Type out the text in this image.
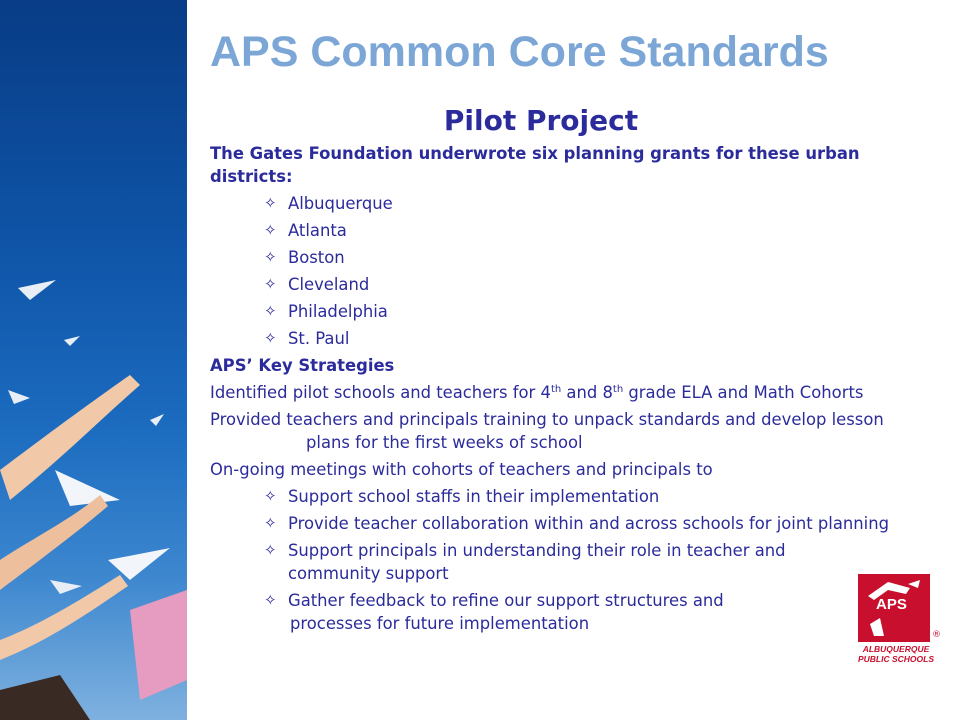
APS Common Core Standards
Pilot Project

The Gates Foundation underwrote six planning grants for these urban districts:

✧ Albuquerque

✧ Atlanta

✧ Boston

✧ Cleveland

✧ Philadelphia

✧ St. Paul

APS’ Key Strategies

Identified pilot schools and teachers for 4th and 8th grade ELA and Math Cohorts

Provided teachers and principals training to unpack standards and develop lesson plans for the first weeks of school

On-going meetings with cohorts of teachers and principals to

✧ Support school staffs in their implementation

✧ Provide teacher collaboration within and across schools for joint planning

✧ Support principals in understanding their role in teacher and community support

✧ Gather feedback to refine our support structures and

processes for future implementation

APS
®
ALBUQUERQUE
PUBLIC SCHOOLS
